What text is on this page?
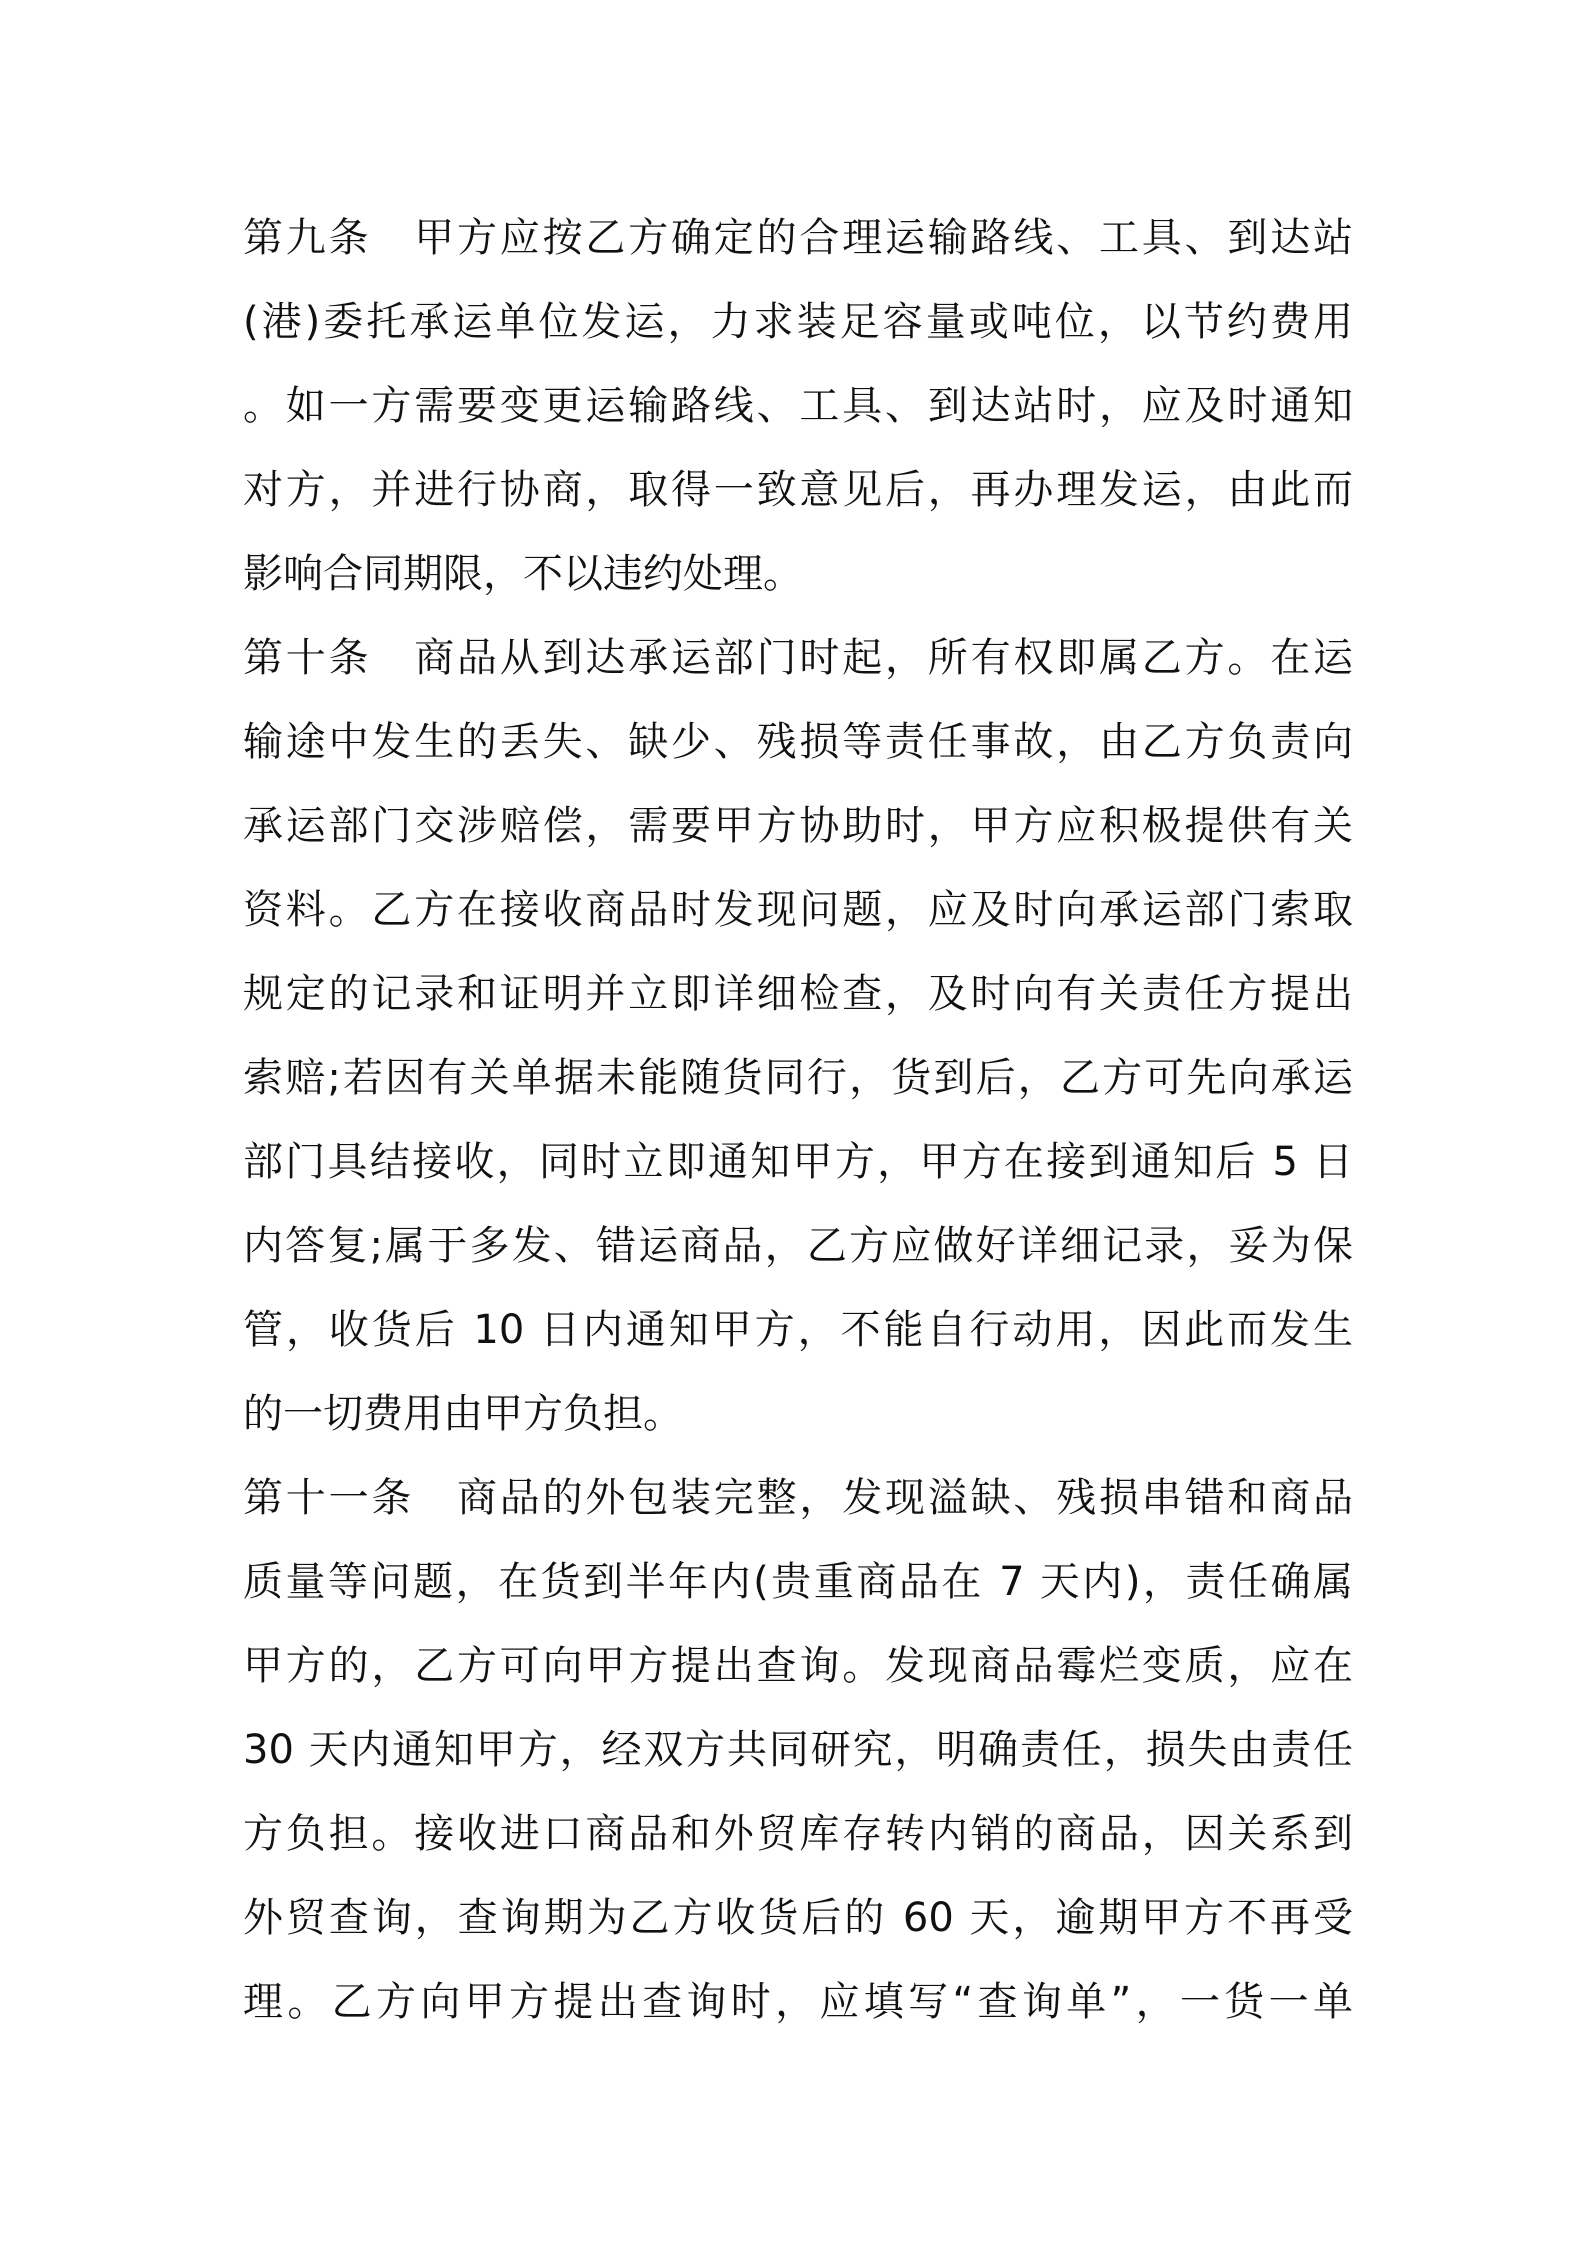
第九条　甲方应按乙方确定的合理运输路线、工具、到达站
(港)委托承运单位发运，力求装足容量或吨位，以节约费用
。如一方需要变更运输路线、工具、到达站时，应及时通知
对方，并进行协商，取得一致意见后，再办理发运，由此而
影响合同期限，不以违约处理。
第十条　商品从到达承运部门时起，所有权即属乙方。在运
输途中发生的丢失、缺少、残损等责任事故，由乙方负责向
承运部门交涉赔偿，需要甲方协助时，甲方应积极提供有关
资料。乙方在接收商品时发现问题，应及时向承运部门索取
规定的记录和证明并立即详细检查，及时向有关责任方提出
索赔;若因有关单据未能随货同行，货到后，乙方可先向承运
部门具结接收，同时立即通知甲方，甲方在接到通知后 5 日
内答复;属于多发、错运商品，乙方应做好详细记录，妥为保
管，收货后 10 日内通知甲方，不能自行动用，因此而发生
的一切费用由甲方负担。
第十一条　商品的外包装完整，发现溢缺、残损串错和商品
质量等问题，在货到半年内(贵重商品在 7 天内)，责任确属
甲方的，乙方可向甲方提出查询。发现商品霉烂变质，应在
30 天内通知甲方，经双方共同研究，明确责任，损失由责任
方负担。接收进口商品和外贸库存转内销的商品，因关系到
外贸查询，查询期为乙方收货后的 60 天，逾期甲方不再受
理。乙方向甲方提出查询时，应填写“查询单”，一货一单
